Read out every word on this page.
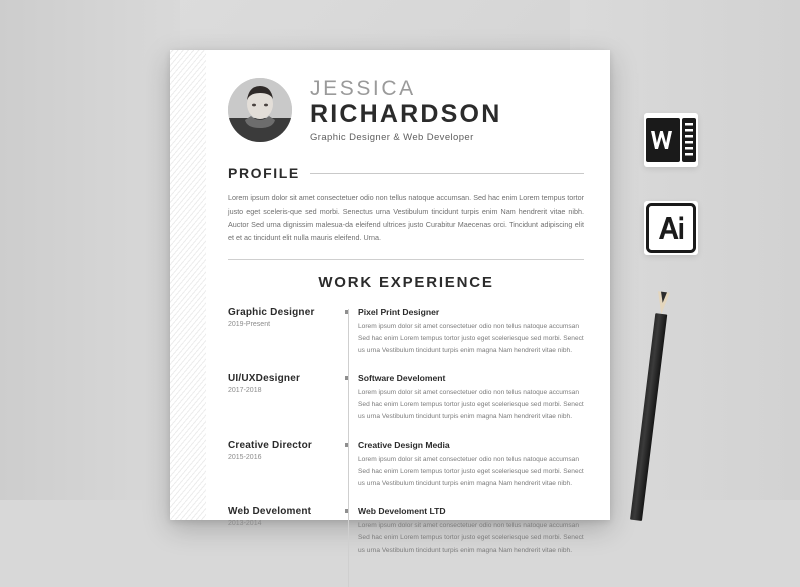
JESSICA
RICHARDSON
Graphic Designer & Web Developer
PROFILE
Lorem ipsum dolor sit amet consectetuer odio non tellus natoque accumsan. Sed hac enim Lorem tempus tortor justo eget sceleris-que sed morbi. Senectus urna Vestibulum tincidunt turpis enim Nam hendrerit vitae nibh. Auctor Sed urna dignissim malesua-da eleifend ultrices justo Curabitur Maecenas orci. Tincidunt adipiscing elit et et ac tincidunt elit nulla mauris eleifend. Urna.
WORK EXPERIENCE
Graphic Designer
2019-Present
Pixel Print Designer
Lorem ipsum dolor sit amet consectetuer odio non tellus natoque accumsan Sed hac enim Lorem tempus tortor justo eget sceleriesque sed morbi. Senect us urna Vestibulum tincidunt turpis enim magna Nam hendrerit vitae nibh.
UI/UXDesigner
2017-2018
Software Develoment
Lorem ipsum dolor sit amet consectetuer odio non tellus natoque accumsan Sed hac enim Lorem tempus tortor justo eget sceleriesque sed morbi. Senect us urna Vestibulum tincidunt turpis enim magna Nam hendrerit vitae nibh.
Creative Director
2015-2016
Creative Design Media
Lorem ipsum dolor sit amet consectetuer odio non tellus natoque accumsan Sed hac enim Lorem tempus tortor justo eget sceleriesque sed morbi. Senect us urna Vestibulum tincidunt turpis enim magna Nam hendrerit vitae nibh.
Web Develoment
2013-2014
Web Develoment LTD
Lorem ipsum dolor sit amet consectetuer odio non tellus natoque accumsan Sed hac enim Lorem tempus tortor justo eget sceleriesque sed morbi. Senect us urna Vestibulum tincidunt turpis enim magna Nam hendrerit vitae nibh.
